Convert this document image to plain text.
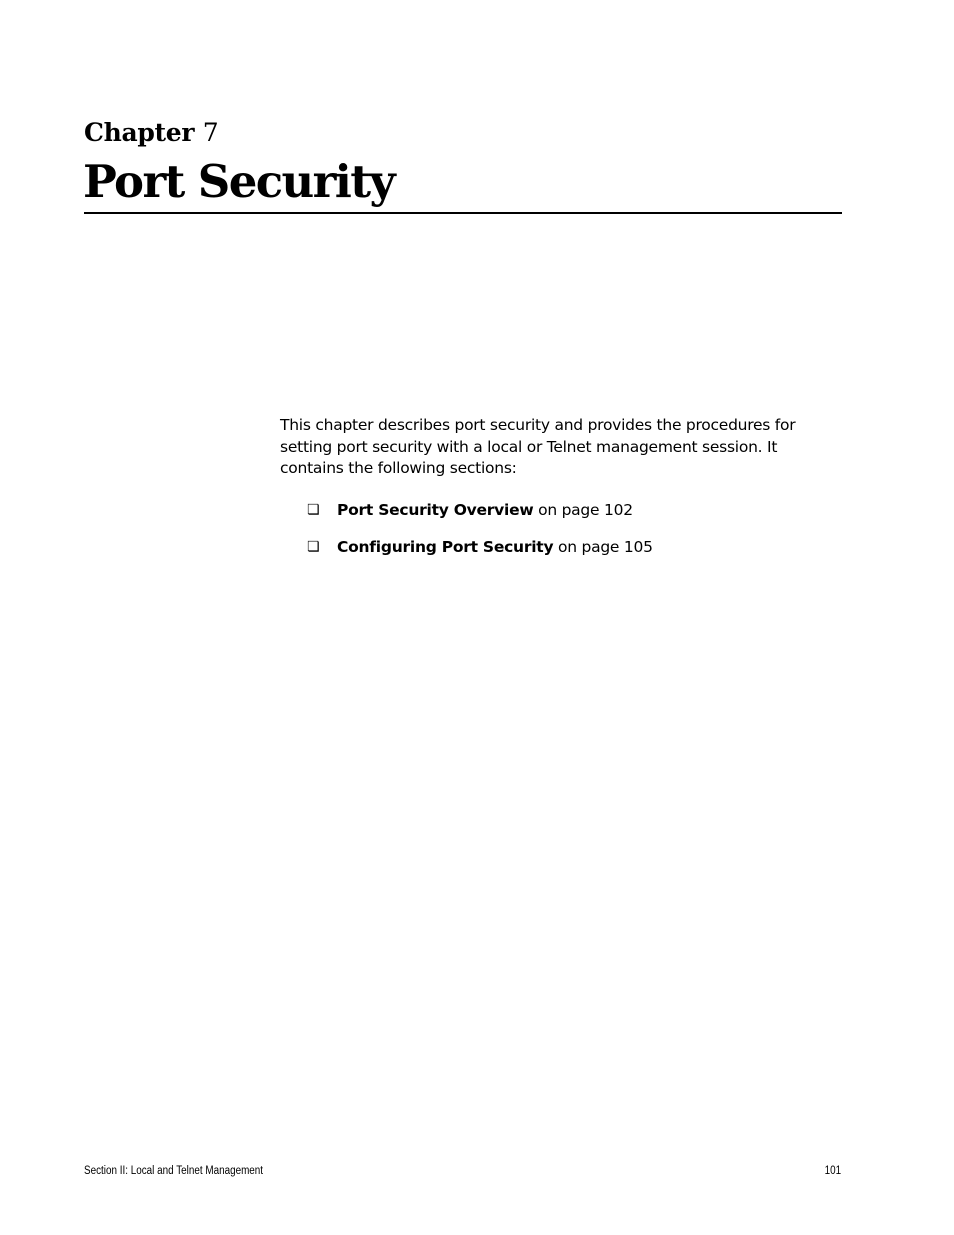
Chapter 7
Port Security

This chapter describes port security and provides the procedures for setting port security with a local or Telnet management session. It contains the following sections:

❏	Port Security Overview on page 102
❏	Configuring Port Security on page 105

Section II: Local and Telnet Management	101
